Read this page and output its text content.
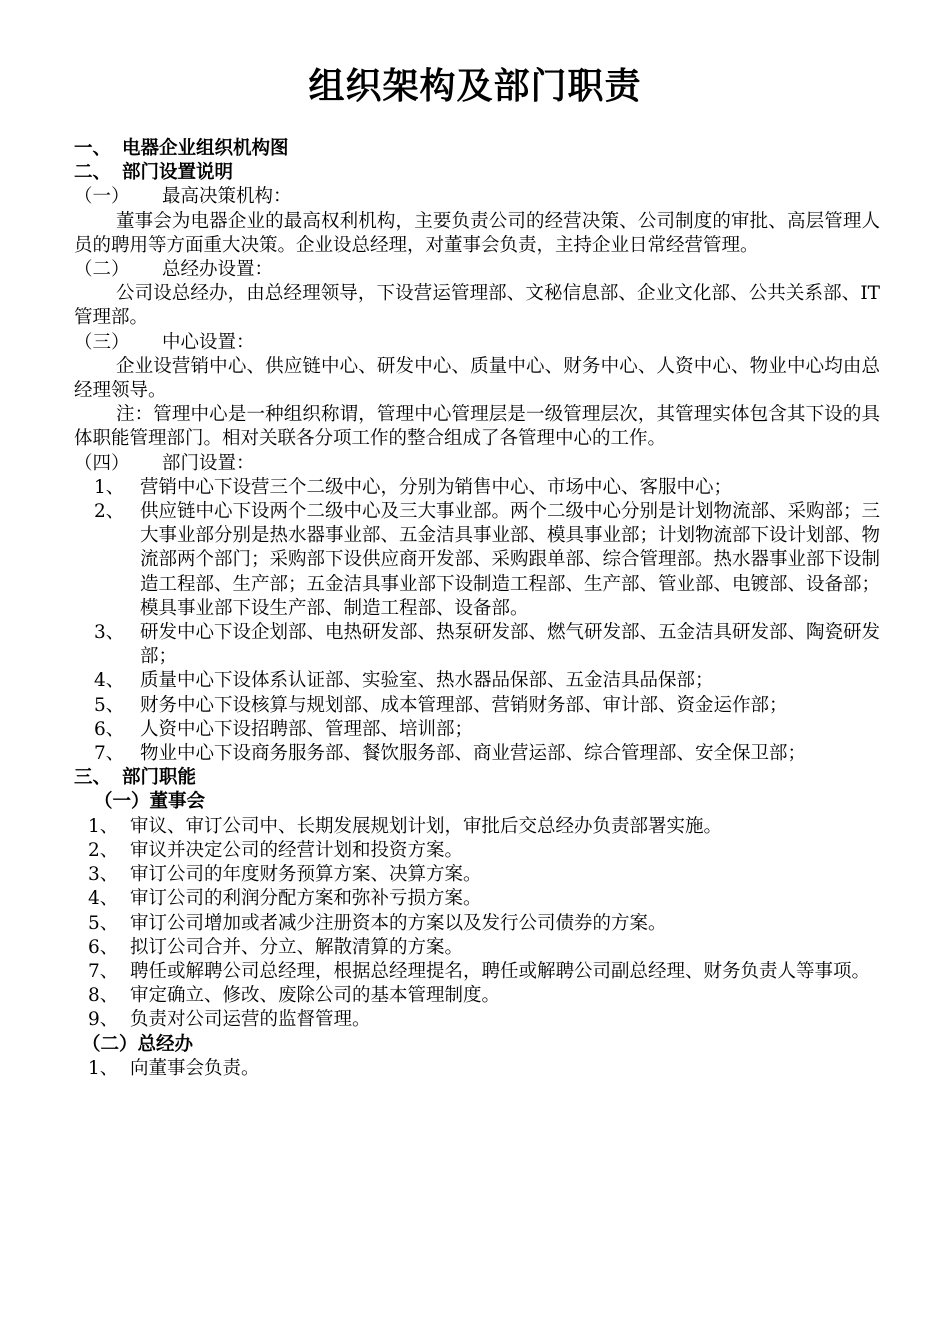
组织架构及部门职责
一、 电器企业组织机构图
二、 部门设置说明
（一） 最高决策机构：
董事会为电器企业的最高权利机构，主要负责公司的经营决策、公司制度的审批、高层管理人员的聘用等方面重大决策。企业设总经理，对董事会负责，主持企业日常经营管理。
（二） 总经办设置：
公司设总经办，由总经理领导，下设营运管理部、文秘信息部、企业文化部、公共关系部、IT管理部。
（三） 中心设置：
企业设营销中心、供应链中心、研发中心、质量中心、财务中心、人资中心、物业中心均由总经理领导。
注：管理中心是一种组织称谓，管理中心管理层是一级管理层次，其管理实体包含其下设的具体职能管理部门。相对关联各分项工作的整合组成了各管理中心的工作。
（四） 部门设置：
1、 营销中心下设营三个二级中心，分别为销售中心、市场中心、客服中心；
2、 供应链中心下设两个二级中心及三大事业部。两个二级中心分别是计划物流部、采购部；三大事业部分别是热水器事业部、五金洁具事业部、模具事业部；计划物流部下设计划部、物流部两个部门；采购部下设供应商开发部、采购跟单部、综合管理部。热水器事业部下设制造工程部、生产部；五金洁具事业部下设制造工程部、生产部、管业部、电镀部、设备部；模具事业部下设生产部、制造工程部、设备部。
3、 研发中心下设企划部、电热研发部、热泵研发部、燃气研发部、五金洁具研发部、陶瓷研发部；
4、 质量中心下设体系认证部、实验室、热水器品保部、五金洁具品保部；
5、 财务中心下设核算与规划部、成本管理部、营销财务部、审计部、资金运作部；
6、 人资中心下设招聘部、管理部、培训部；
7、 物业中心下设商务服务部、餐饮服务部、商业营运部、综合管理部、安全保卫部；
三、 部门职能
（一）董事会
1、 审议、审订公司中、长期发展规划计划，审批后交总经办负责部署实施。
2、 审议并决定公司的经营计划和投资方案。
3、 审订公司的年度财务预算方案、决算方案。
4、 审订公司的利润分配方案和弥补亏损方案。
5、 审订公司增加或者减少注册资本的方案以及发行公司债券的方案。
6、 拟订公司合并、分立、解散清算的方案。
7、 聘任或解聘公司总经理，根据总经理提名，聘任或解聘公司副总经理、财务负责人等事项。
8、 审定确立、修改、废除公司的基本管理制度。
9、 负责对公司运营的监督管理。
（二）总经办
1、 向董事会负责。
